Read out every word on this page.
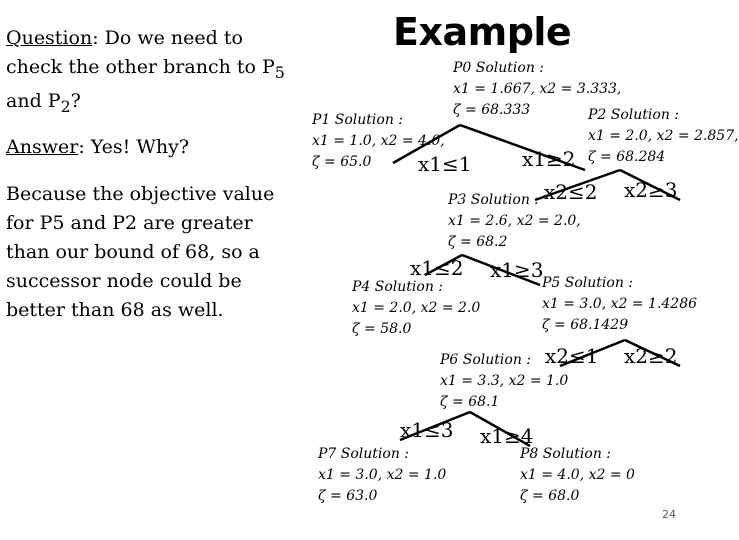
Example
Question: Do we need to check the other branch to $P_5$ and $P_2$?
Answer: Yes! Why?
Because the objective value for P5 and P2 are greater than our bound of 68, so a successor node could be better than 68 as well.
P0 Solution :
x1 = 1.667, x2 = 3.333,
ζ = 68.333
P1 Solution :
x1 = 1.0, x2 = 4.0,
ζ = 65.0
P2 Solution :
x1 = 2.0, x2 = 2.857,
ζ = 68.284
P3 Solution :
x1 = 2.6, x2 = 2.0,
ζ = 68.2
P4 Solution :
x1 = 2.0, x2 = 2.0
ζ = 58.0
P5 Solution :
x1 = 3.0, x2 = 1.4286
ζ = 68.1429
P6 Solution :
x1 = 3.3, x2 = 1.0
ζ = 68.1
P7 Solution :
x1 = 3.0, x2 = 1.0
ζ = 63.0
P8 Solution :
x1 = 4.0, x2 = 0
ζ = 68.0
x1≤1	x1≥2
x2≤2 x2≥3
x1≤2 x1≥3
x2≤1 x2≥2
x1≤3 x1≥4
24
